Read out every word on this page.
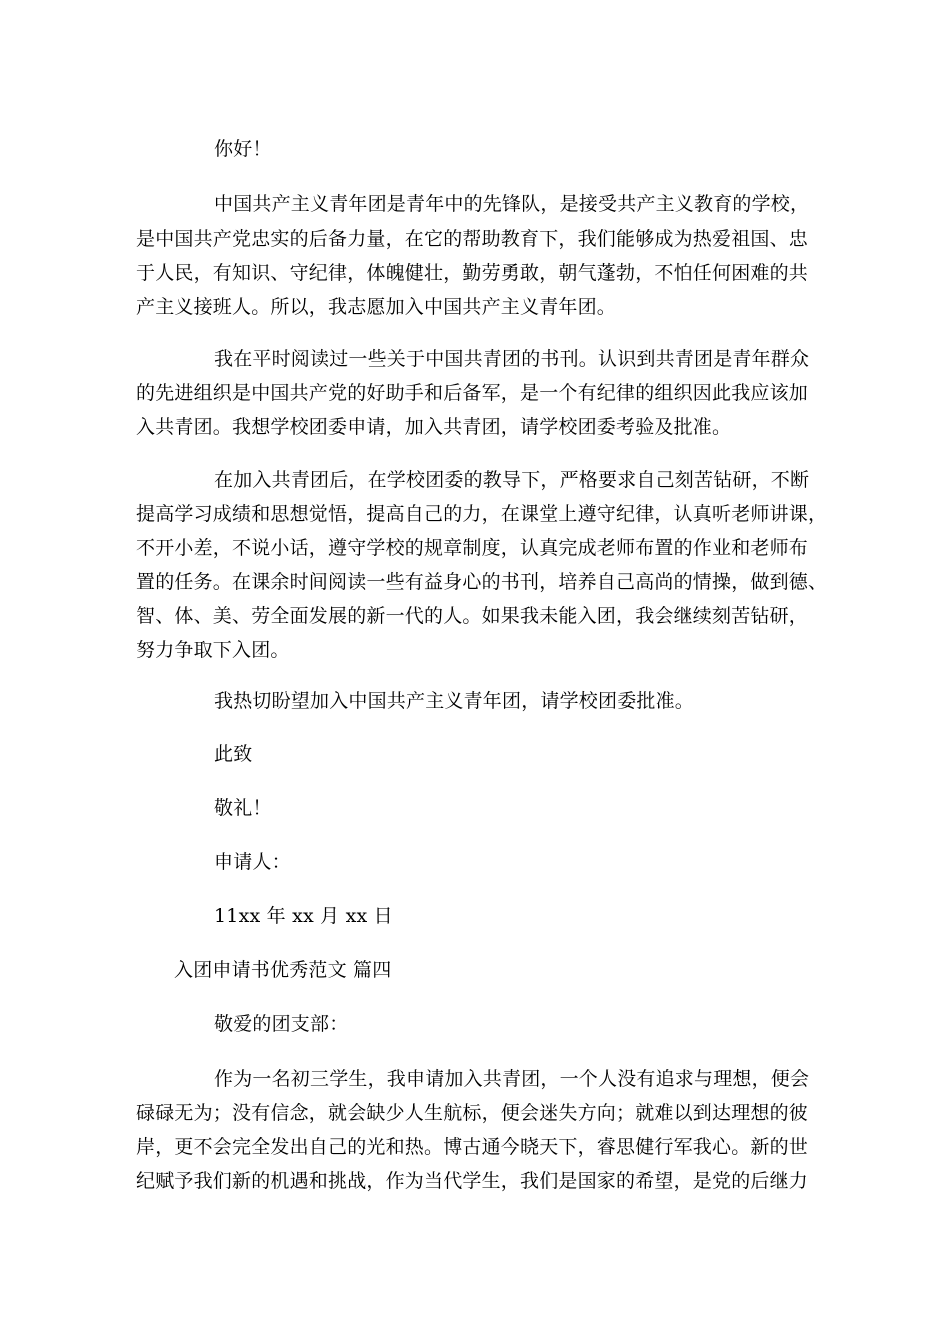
你好！
中国共产主义青年团是青年中的先锋队，是接受共产主义教育的学校，
是中国共产党忠实的后备力量，在它的帮助教育下，我们能够成为热爱祖国、忠
于人民，有知识、守纪律，体魄健壮，勤劳勇敢，朝气蓬勃，不怕任何困难的共
产主义接班人。所以，我志愿加入中国共产主义青年团。
我在平时阅读过一些关于中国共青团的书刊。认识到共青团是青年群众
的先进组织是中国共产党的好助手和后备军，是一个有纪律的组织因此我应该加
入共青团。我想学校团委申请，加入共青团，请学校团委考验及批准。
在加入共青团后，在学校团委的教导下，严格要求自己刻苦钻研，不断
提高学习成绩和思想觉悟，提高自己的力，在课堂上遵守纪律，认真听老师讲课，
不开小差，不说小话，遵守学校的规章制度，认真完成老师布置的作业和老师布
置的任务。在课余时间阅读一些有益身心的书刊，培养自己高尚的情操，做到德、
智、体、美、劳全面发展的新一代的人。如果我未能入团，我会继续刻苦钻研，
努力争取下入团。
我热切盼望加入中国共产主义青年团，请学校团委批准。
此致
敬礼！
申请人：
11xx 年 xx 月 xx 日
入团申请书优秀范文 篇四
敬爱的团支部：
作为一名初三学生，我申请加入共青团，一个人没有追求与理想，便会
碌碌无为；没有信念，就会缺少人生航标，便会迷失方向；就难以到达理想的彼
岸，更不会完全发出自己的光和热。博古通今晓天下，睿思健行军我心。新的世
纪赋予我们新的机遇和挑战，作为当代学生，我们是国家的希望，是党的后继力
